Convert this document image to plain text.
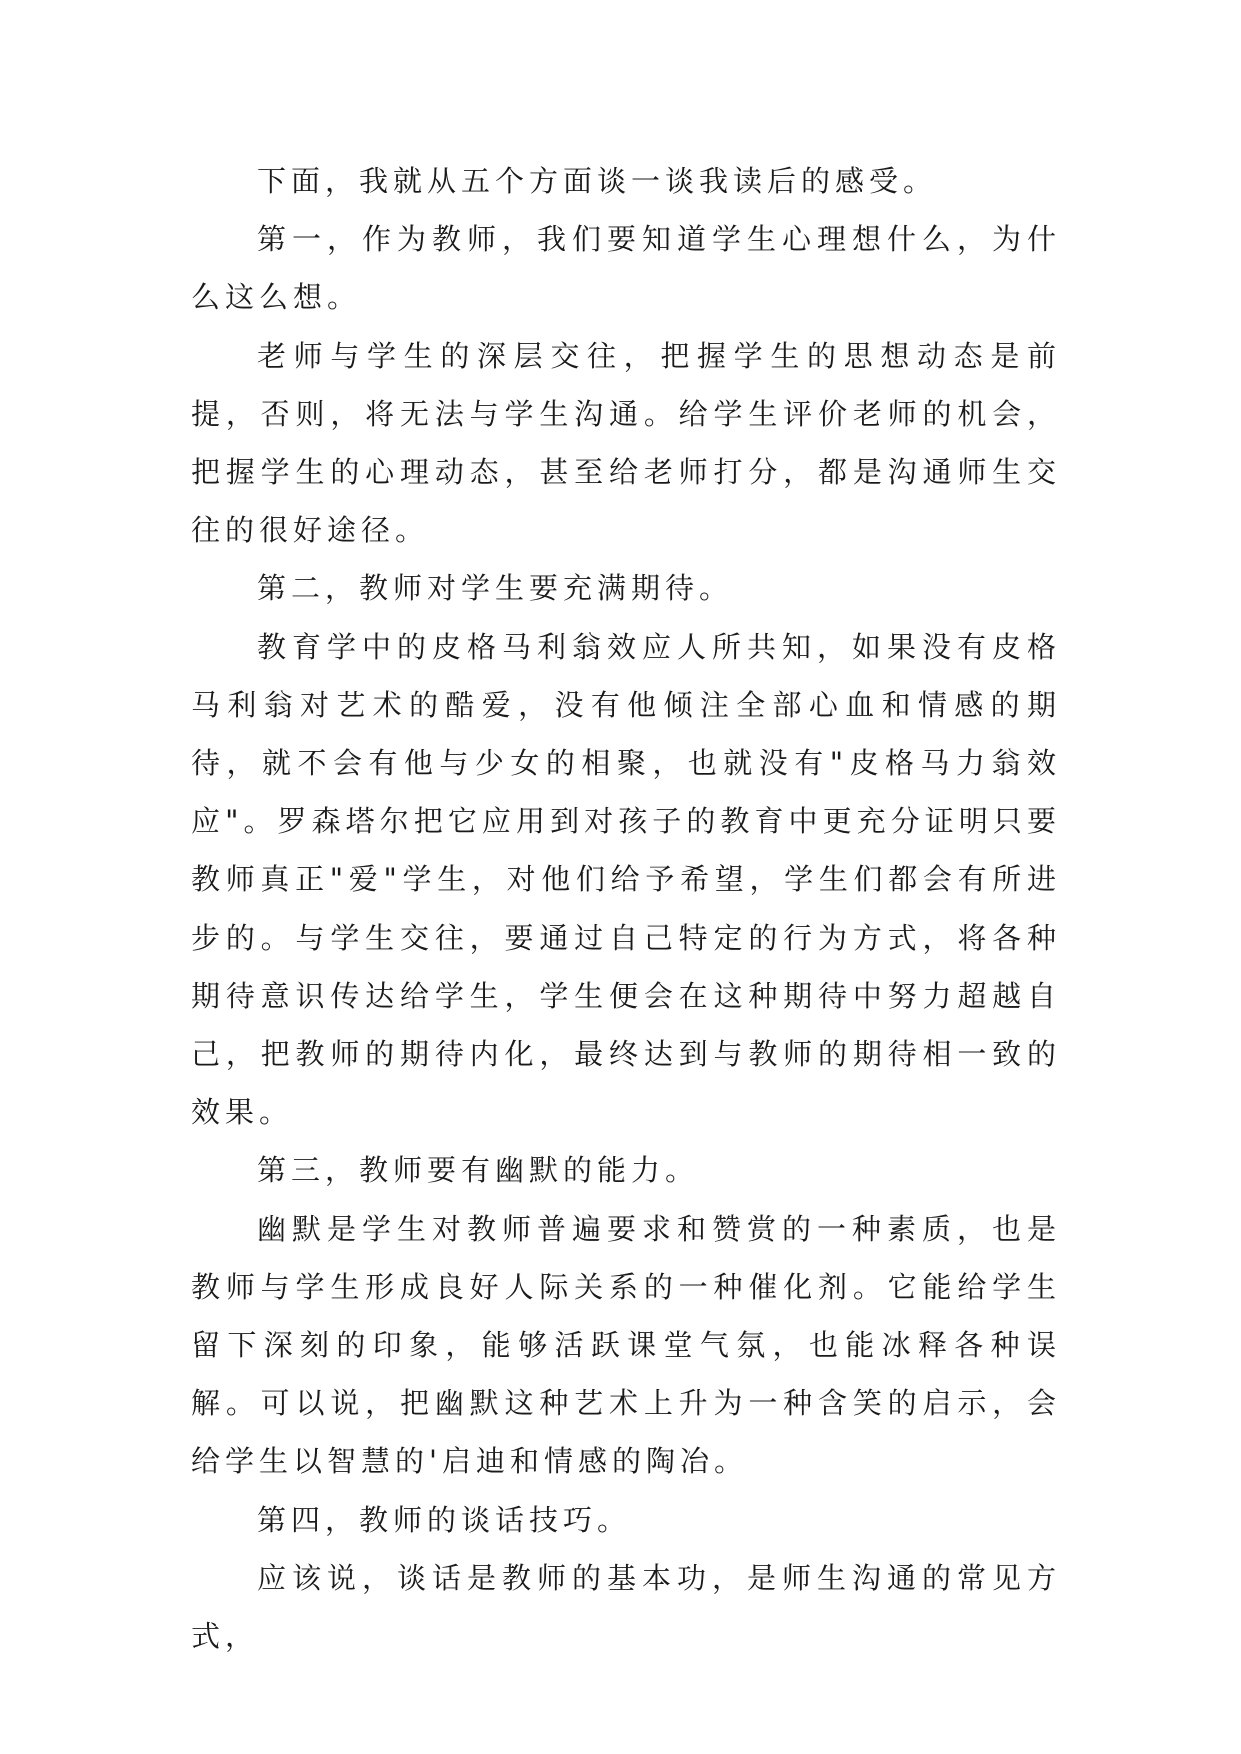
下面，我就从五个方面谈一谈我读后的感受。

第一，作为教师，我们要知道学生心理想什么，为什么这么想。

老师与学生的深层交往，把握学生的思想动态是前提，否则，将无法与学生沟通。给学生评价老师的机会，把握学生的心理动态，甚至给老师打分，都是沟通师生交往的很好途径。

第二，教师对学生要充满期待。

教育学中的皮格马利翁效应人所共知，如果没有皮格马利翁对艺术的酷爱，没有他倾注全部心血和情感的期待，就不会有他与少女的相聚，也就没有"皮格马力翁效应"。罗森塔尔把它应用到对孩子的教育中更充分证明只要教师真正"爱"学生，对他们给予希望，学生们都会有所进步的。与学生交往，要通过自己特定的行为方式，将各种期待意识传达给学生，学生便会在这种期待中努力超越自己，把教师的期待内化，最终达到与教师的期待相一致的效果。

第三，教师要有幽默的能力。

幽默是学生对教师普遍要求和赞赏的一种素质，也是教师与学生形成良好人际关系的一种催化剂。它能给学生留下深刻的印象，能够活跃课堂气氛，也能冰释各种误解。可以说，把幽默这种艺术上升为一种含笑的启示，会给学生以智慧的'启迪和情感的陶冶。

第四，教师的谈话技巧。

应该说，谈话是教师的基本功，是师生沟通的常见方式，
